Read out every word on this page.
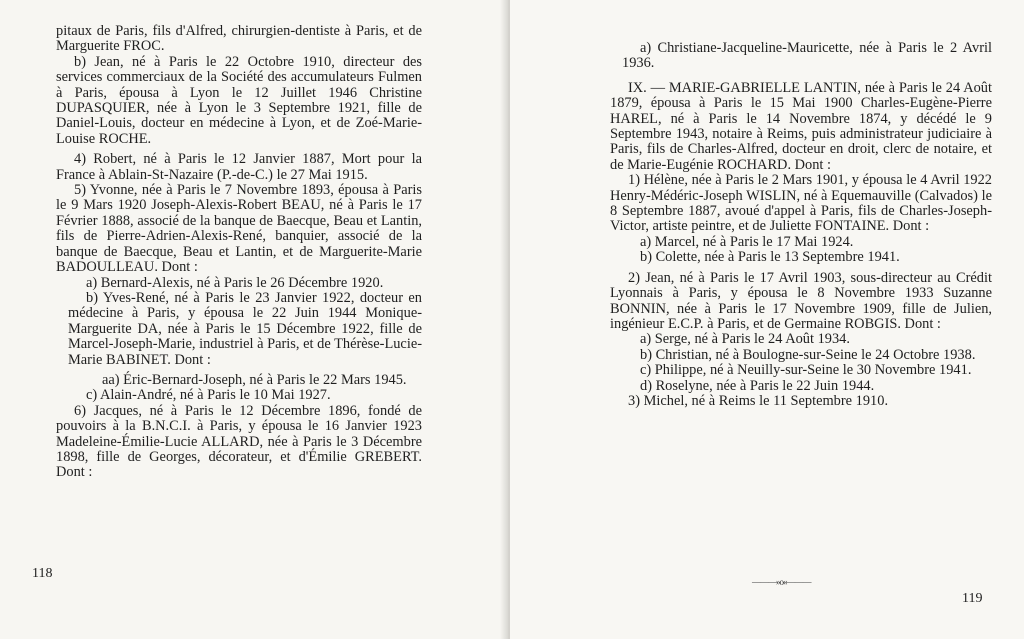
pitaux de Paris, fils d'Alfred, chirurgien-dentiste à Paris, et de Marguerite FROC.

b) Jean, né à Paris le 22 Octobre 1910, directeur des services commerciaux de la Société des accumulateurs Fulmen à Paris, épousa à Lyon le 12 Juillet 1946 Christine DUPASQUIER, née à Lyon le 3 Septembre 1921, fille de Daniel-Louis, docteur en médecine à Lyon, et de Zoé-Marie-Louise ROCHE.

4) Robert, né à Paris le 12 Janvier 1887, Mort pour la France à Ablain-St-Nazaire (P.-de-C.) le 27 Mai 1915.

5) Yvonne, née à Paris le 7 Novembre 1893, épousa à Paris le 9 Mars 1920 Joseph-Alexis-Robert BEAU, né à Paris le 17 Février 1888, associé de la banque de Baecque, Beau et Lantin, fils de Pierre-Adrien-Alexis-René, banquier, associé de la banque de Baecque, Beau et Lantin, et de Marguerite-Marie BADOULLEAU. Dont :

a) Bernard-Alexis, né à Paris le 26 Décembre 1920.

b) Yves-René, né à Paris le 23 Janvier 1922, docteur en médecine à Paris, y épousa le 22 Juin 1944 Monique-Marguerite DA, née à Paris le 15 Décembre 1922, fille de Marcel-Joseph-Marie, industriel à Paris, et de Thérèse-Lucie-Marie BABINET. Dont :

aa) Éric-Bernard-Joseph, né à Paris le 22 Mars 1945.

c) Alain-André, né à Paris le 10 Mai 1927.

6) Jacques, né à Paris le 12 Décembre 1896, fondé de pouvoirs à la B.N.C.I. à Paris, y épousa le 16 Janvier 1923 Madeleine-Émilie-Lucie ALLARD, née à Paris le 3 Décembre 1898, fille de Georges, décorateur, et d'Émilie GREBERT. Dont :

118

a) Christiane-Jacqueline-Mauricette, née à Paris le 2 Avril 1936.

IX. — MARIE-GABRIELLE LANTIN, née à Paris le 24 Août 1879, épousa à Paris le 15 Mai 1900 Charles-Eugène-Pierre HAREL, né à Paris le 14 Novembre 1874, y décédé le 9 Septembre 1943, notaire à Reims, puis administrateur judiciaire à Paris, fils de Charles-Alfred, docteur en droit, clerc de notaire, et de Marie-Eugénie ROCHARD. Dont :

1) Hélène, née à Paris le 2 Mars 1901, y épousa le 4 Avril 1922 Henry-Médéric-Joseph WISLIN, né à Equemauville (Calvados) le 8 Septembre 1887, avoué d'appel à Paris, fils de Charles-Joseph-Victor, artiste peintre, et de Juliette FONTAINE. Dont :

a) Marcel, né à Paris le 17 Mai 1924.

b) Colette, née à Paris le 13 Septembre 1941.

2) Jean, né à Paris le 17 Avril 1903, sous-directeur au Crédit Lyonnais à Paris, y épousa le 8 Novembre 1933 Suzanne BONNIN, née à Paris le 17 Novembre 1909, fille de Julien, ingénieur E.C.P. à Paris, et de Germaine ROBGIS. Dont :

a) Serge, né à Paris le 24 Août 1934.

b) Christian, né à Boulogne-sur-Seine le 24 Octobre 1938.

c) Philippe, né à Neuilly-sur-Seine le 30 Novembre 1941.

d) Roselyne, née à Paris le 22 Juin 1944.

3) Michel, né à Reims le 11 Septembre 1910.

———»o«———
119
